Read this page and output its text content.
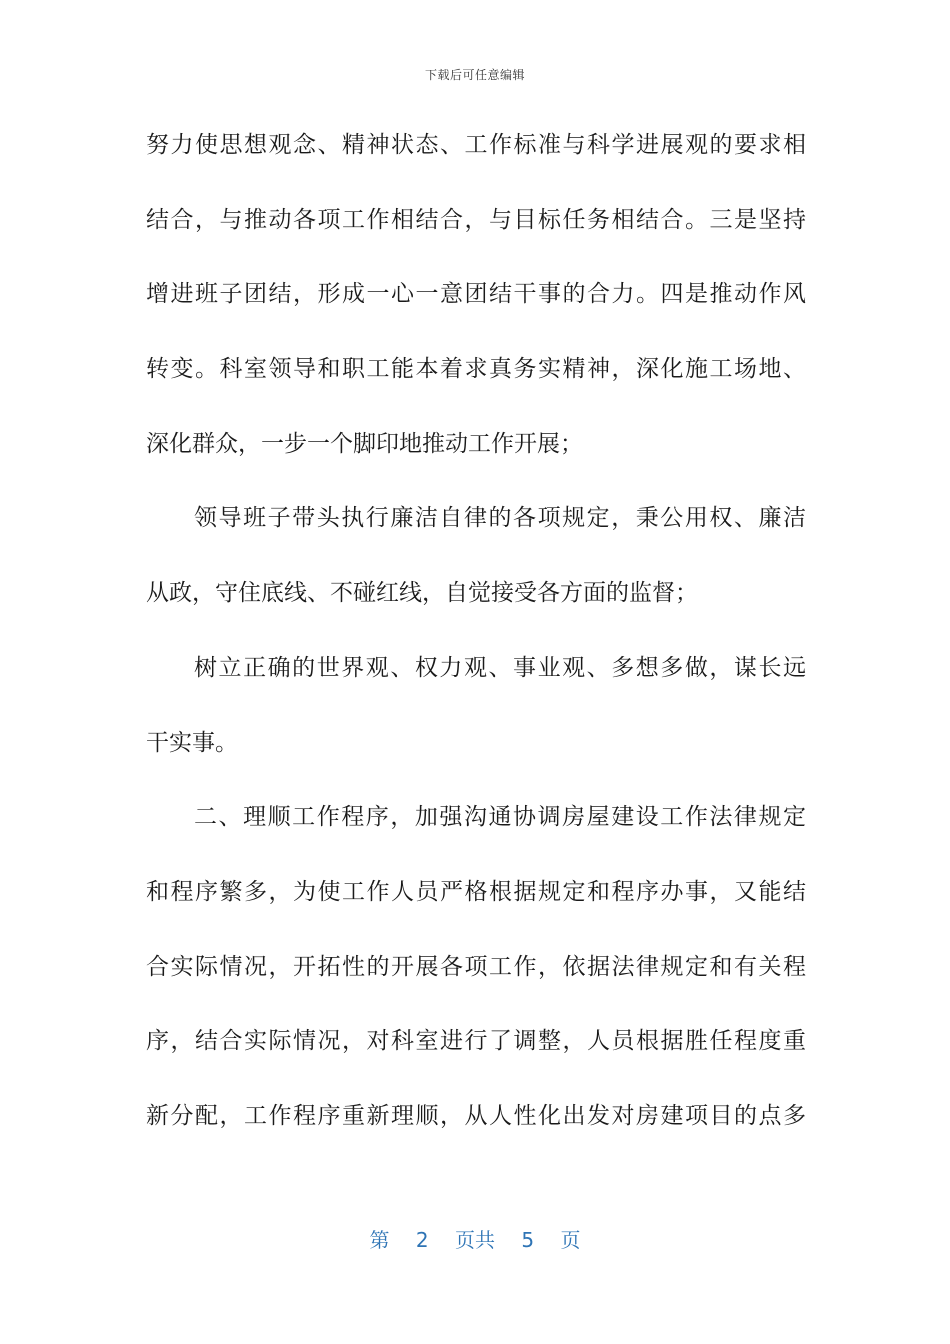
下载后可任意编辑
努力使思想观念、精神状态、工作标准与科学进展观的要求相
结合，与推动各项工作相结合，与目标任务相结合。三是坚持
增进班子团结，形成一心一意团结干事的合力。四是推动作风
转变。科室领导和职工能本着求真务实精神，深化施工场地、
深化群众，一步一个脚印地推动工作开展；
领导班子带头执行廉洁自律的各项规定，秉公用权、廉洁
从政，守住底线、不碰红线，自觉接受各方面的监督；
树立正确的世界观、权力观、事业观、多想多做，谋长远
干实事。
二、理顺工作程序，加强沟通协调房屋建设工作法律规定
和程序繁多，为使工作人员严格根据规定和程序办事，又能结
合实际情况，开拓性的开展各项工作，依据法律规定和有关程
序，结合实际情况，对科室进行了调整，人员根据胜任程度重
新分配，工作程序重新理顺，从人性化出发对房建项目的点多
第 2 页共 5 页
